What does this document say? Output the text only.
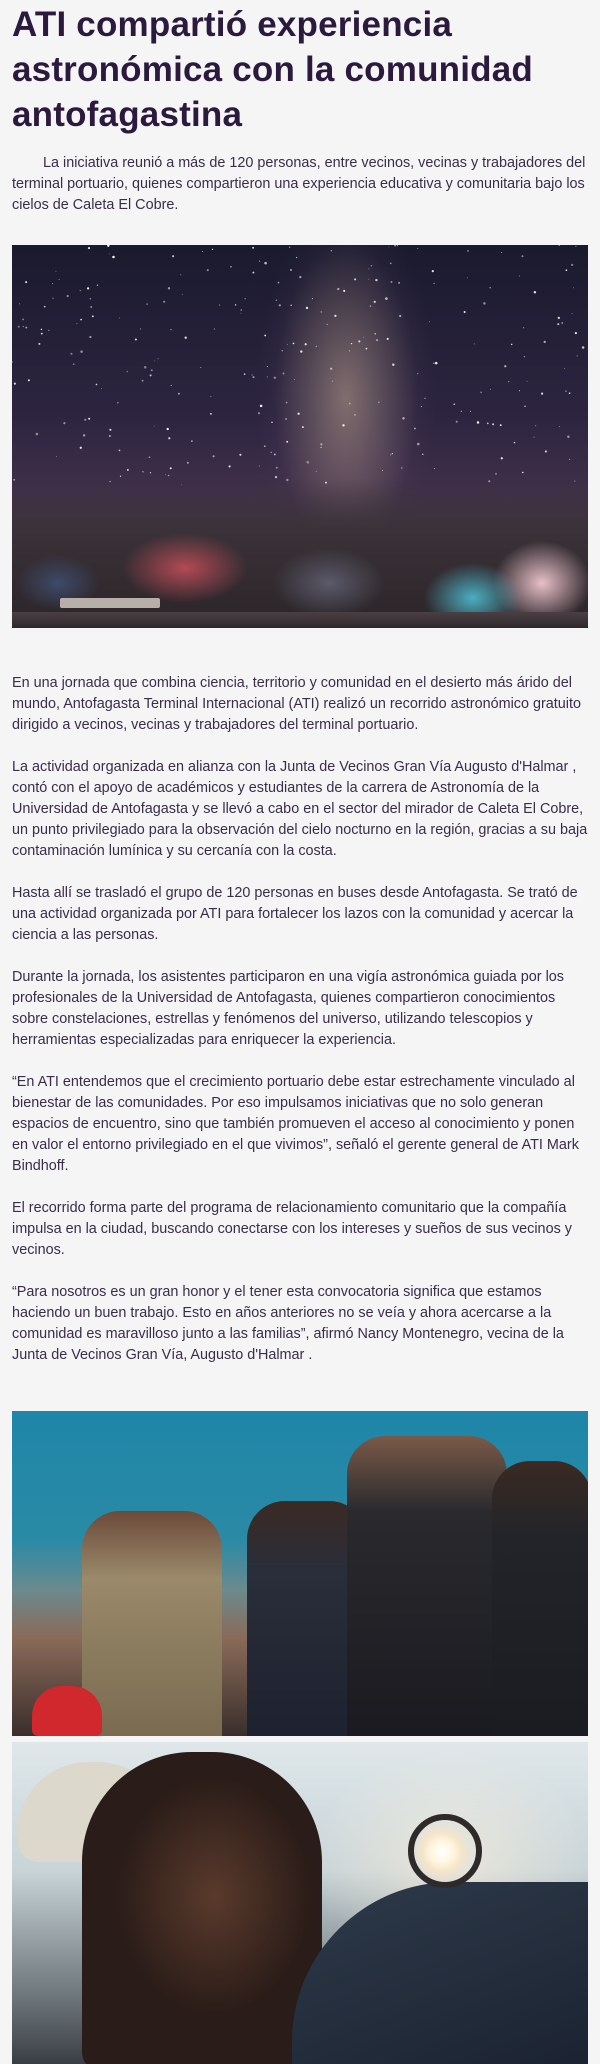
ATI compartió experiencia astronómica con la comunidad antofagastina

La iniciativa reunió a más de 120 personas, entre vecinos, vecinas y trabajadores del terminal portuario, quienes compartieron una experiencia educativa y comunitaria bajo los cielos de Caleta El Cobre.

En una jornada que combina ciencia, territorio y comunidad en el desierto más árido del mundo, Antofagasta Terminal Internacional (ATI) realizó un recorrido astronómico gratuito dirigido a vecinos, vecinas y trabajadores del terminal portuario.

La actividad organizada en alianza con la Junta de Vecinos Gran Vía Augusto d'Halmar , contó con el apoyo de académicos y estudiantes de la carrera de Astronomía de la Universidad de Antofagasta y se llevó a cabo en el sector del mirador de Caleta El Cobre, un punto privilegiado para la observación del cielo nocturno en la región, gracias a su baja contaminación lumínica y su cercanía con la costa.

Hasta allí se trasladó el grupo de 120 personas en buses desde Antofagasta. Se trató de una actividad organizada por ATI para fortalecer los lazos con la comunidad y acercar la ciencia a las personas.

Durante la jornada, los asistentes participaron en una vigía astronómica guiada por los profesionales de la Universidad de Antofagasta, quienes compartieron conocimientos sobre constelaciones, estrellas y fenómenos del universo, utilizando telescopios y herramientas especializadas para enriquecer la experiencia.

“En ATI entendemos que el crecimiento portuario debe estar estrechamente vinculado al bienestar de las comunidades. Por eso impulsamos iniciativas que no solo generan espacios de encuentro, sino que también promueven el acceso al conocimiento y ponen en valor el entorno privilegiado en el que vivimos”, señaló el gerente general de ATI Mark Bindhoff.

El recorrido forma parte del programa de relacionamiento comunitario que la compañía impulsa en la ciudad, buscando conectarse con los intereses y sueños de sus vecinos y vecinos.

“Para nosotros es un gran honor y el tener esta convocatoria significa que estamos haciendo un buen trabajo. Esto en años anteriores no se veía y ahora acercarse a la comunidad es maravilloso junto a las familias”, afirmó Nancy Montenegro, vecina de la Junta de Vecinos Gran Vía, Augusto d'Halmar .
